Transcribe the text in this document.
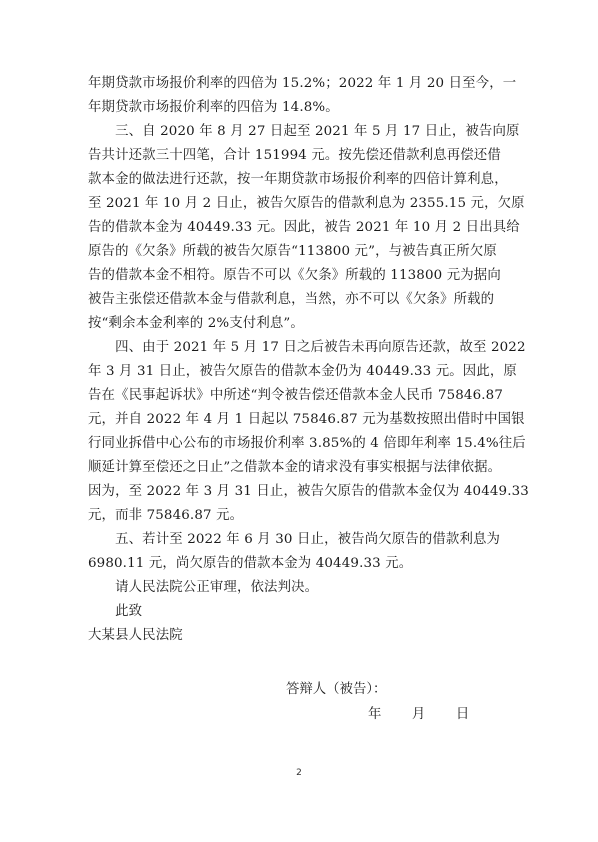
年期贷款市场报价利率的四倍为 15.2%；2022 年 1 月 20 日至今，一
年期贷款市场报价利率的四倍为 14.8%。
　　三、自 2020 年 8 月 27 日起至 2021 年 5 月 17 日止，被告向原
告共计还款三十四笔，合计 151994 元。按先偿还借款利息再偿还借
款本金的做法进行还款，按一年期贷款市场报价利率的四倍计算利息，
至 2021 年 10 月 2 日止，被告欠原告的借款利息为 2355.15 元，欠原
告的借款本金为 40449.33 元。因此，被告 2021 年 10 月 2 日出具给
原告的《欠条》所载的被告欠原告“113800 元”，与被告真正所欠原
告的借款本金不相符。原告不可以《欠条》所载的 113800 元为据向
被告主张偿还借款本金与借款利息，当然，亦不可以《欠条》所载的
按“剩余本金利率的 2%支付利息”。
　　四、由于 2021 年 5 月 17 日之后被告未再向原告还款，故至 2022
年 3 月 31 日止，被告欠原告的借款本金仍为 40449.33 元。因此，原
告在《民事起诉状》中所述“判令被告偿还借款本金人民币 75846.87
元，并自 2022 年 4 月 1 日起以 75846.87 元为基数按照出借时中国银
行同业拆借中心公布的市场报价利率 3.85%的 4 倍即年利率 15.4%往后
顺延计算至偿还之日止”之借款本金的请求没有事实根据与法律依据。
因为，至 2022 年 3 月 31 日止，被告欠原告的借款本金仅为 40449.33
元，而非 75846.87 元。
　　五、若计至 2022 年 6 月 30 日止，被告尚欠原告的借款利息为
6980.11 元，尚欠原告的借款本金为 40449.33 元。
　　请人民法院公正审理，依法判决。
　　此致
大某县人民法院
答辩人（被告）：
年 月 日
2
